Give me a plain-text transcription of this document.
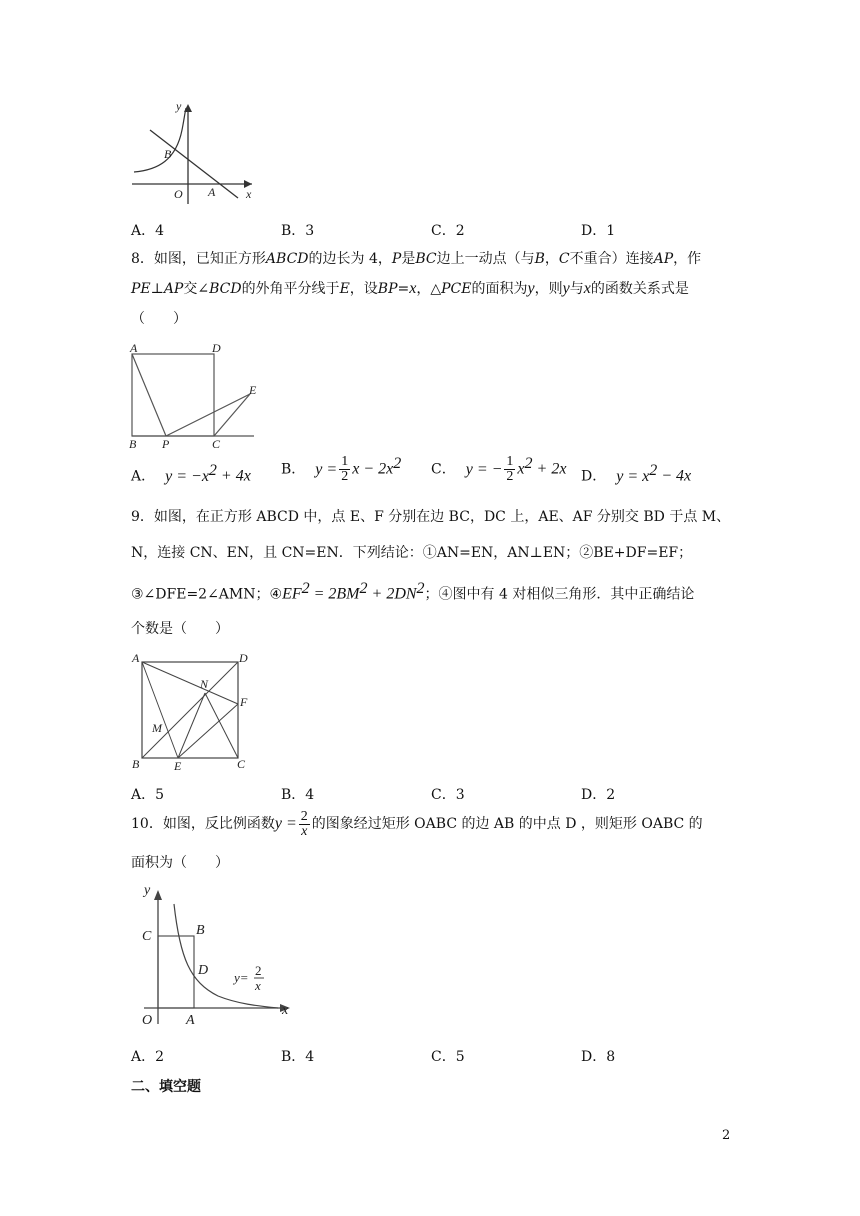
y
x
O A
B
A．4	B．3	C．2	D．1
8．如图，已知正方形ABCD的边长为 4，P是BC边上一动点（与B，C不重合）连接AP，作PE⊥AP交∠BCD的外角平分线于E，设BP=x，△PCE的面积为y，则y与x的函数关系式是（　　）
A	D
E
B P	C
A． $y = -x^2 + 4x$ B． $y = \frac{1}{2}$ $x - 2x^2$ C． y = − $\frac{1}{2} x^2 + 2x$ D． $y = x^2 - 4x$
9．如图，在正方形 ABCD 中，点 E、F 分别在边 BC，DC 上，AE、AF 分别交 BD 于点 M、
N，连接 CN、EN，且 CN=EN．下列结论：①AN=EN，AN⊥EN；②BE+DF=EF；
③∠DFE=2∠AMN；$④EF^2 = 2BM^2 + 2DN^2$；④图中有 4 对相似三角形．其中正确结论
个数是（　　）
A	D
N
F
M
B	E	C
A．5	B．4	C．3	D．2
10．如图，反比例函数$y = \frac{2}{x}$ 的图象经过矩形 OABC 的边 AB 的中点 D ，则矩形 OABC 的
面积为（　　）
y
x
C	B
D
O A
y= 2
x
A．2	B．4	C．5	D．8
二、填空题
2
